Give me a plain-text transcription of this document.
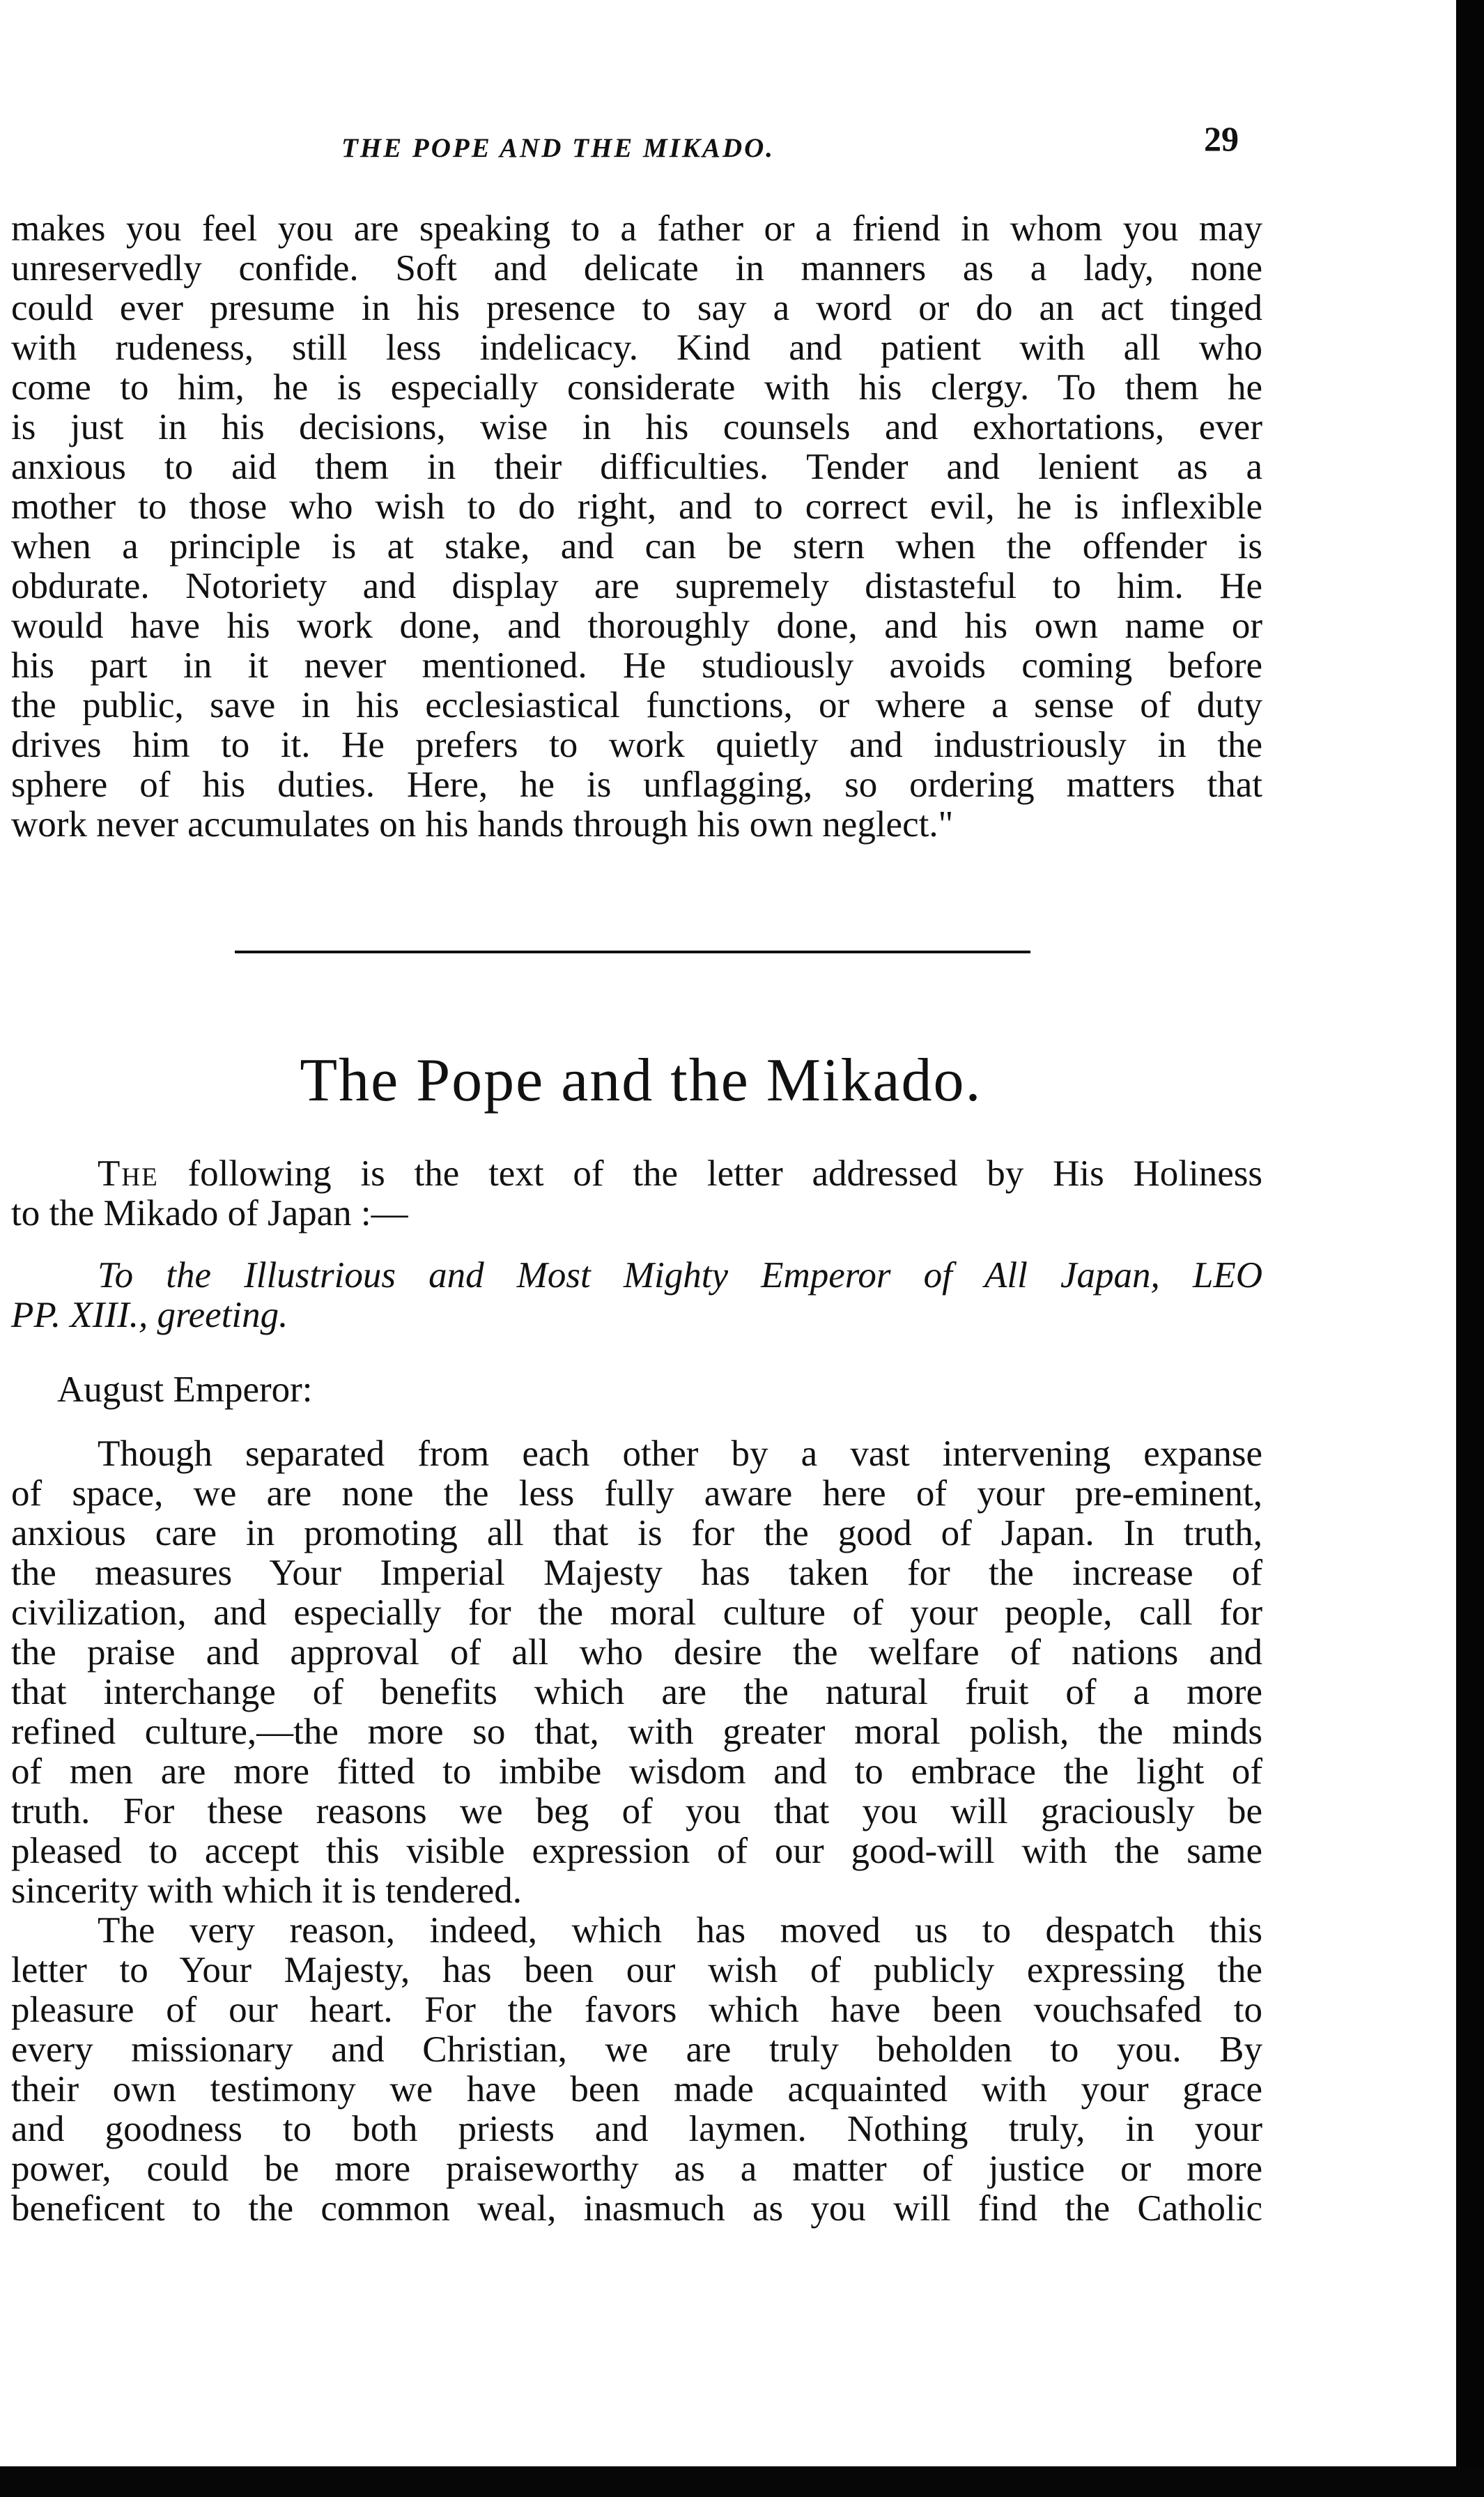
THE POPE AND THE MIKADO.	29
makes you feel you are speaking to a father or a friend in whom you may
unreservedly confide. Soft and delicate in manners as a lady, none
could ever presume in his presence to say a word or do an act tinged
with rudeness, still less indelicacy. Kind and patient with all who
come to him, he is especially considerate with his clergy. To them he
is just in his decisions, wise in his counsels and exhortations, ever
anxious to aid them in their difficulties. Tender and lenient as a
mother to those who wish to do right, and to correct evil, he is inflexible
when a principle is at stake, and can be stern when the offender is
obdurate. Notoriety and display are supremely distasteful to him. He
would have his work done, and thoroughly done, and his own name or
his part in it never mentioned. He studiously avoids coming before
the public, save in his ecclesiastical functions, or where a sense of duty
drives him to it. He prefers to work quietly and industriously in the
sphere of his duties. Here, he is unflagging, so ordering matters that
work never accumulates on his hands through his own neglect."
The Pope and the Mikado.
The following is the text of the letter addressed by His Holiness
to the Mikado of Japan :—
To the Illustrious and Most Mighty Emperor of All Japan, LEO
PP. XIII., greeting.
August Emperor:
Though separated from each other by a vast intervening expanse
of space, we are none the less fully aware here of your pre-eminent,
anxious care in promoting all that is for the good of Japan. In truth,
the measures Your Imperial Majesty has taken for the increase of
civilization, and especially for the moral culture of your people, call for
the praise and approval of all who desire the welfare of nations and
that interchange of benefits which are the natural fruit of a more
refined culture,—the more so that, with greater moral polish, the minds
of men are more fitted to imbibe wisdom and to embrace the light of
truth. For these reasons we beg of you that you will graciously be
pleased to accept this visible expression of our good-will with the same
sincerity with which it is tendered.
The very reason, indeed, which has moved us to despatch this
letter to Your Majesty, has been our wish of publicly expressing the
pleasure of our heart. For the favors which have been vouchsafed to
every missionary and Christian, we are truly beholden to you. By
their own testimony we have been made acquainted with your grace
and goodness to both priests and laymen. Nothing truly, in your
power, could be more praiseworthy as a matter of justice or more
beneficent to the common weal, inasmuch as you will find the Catholic
